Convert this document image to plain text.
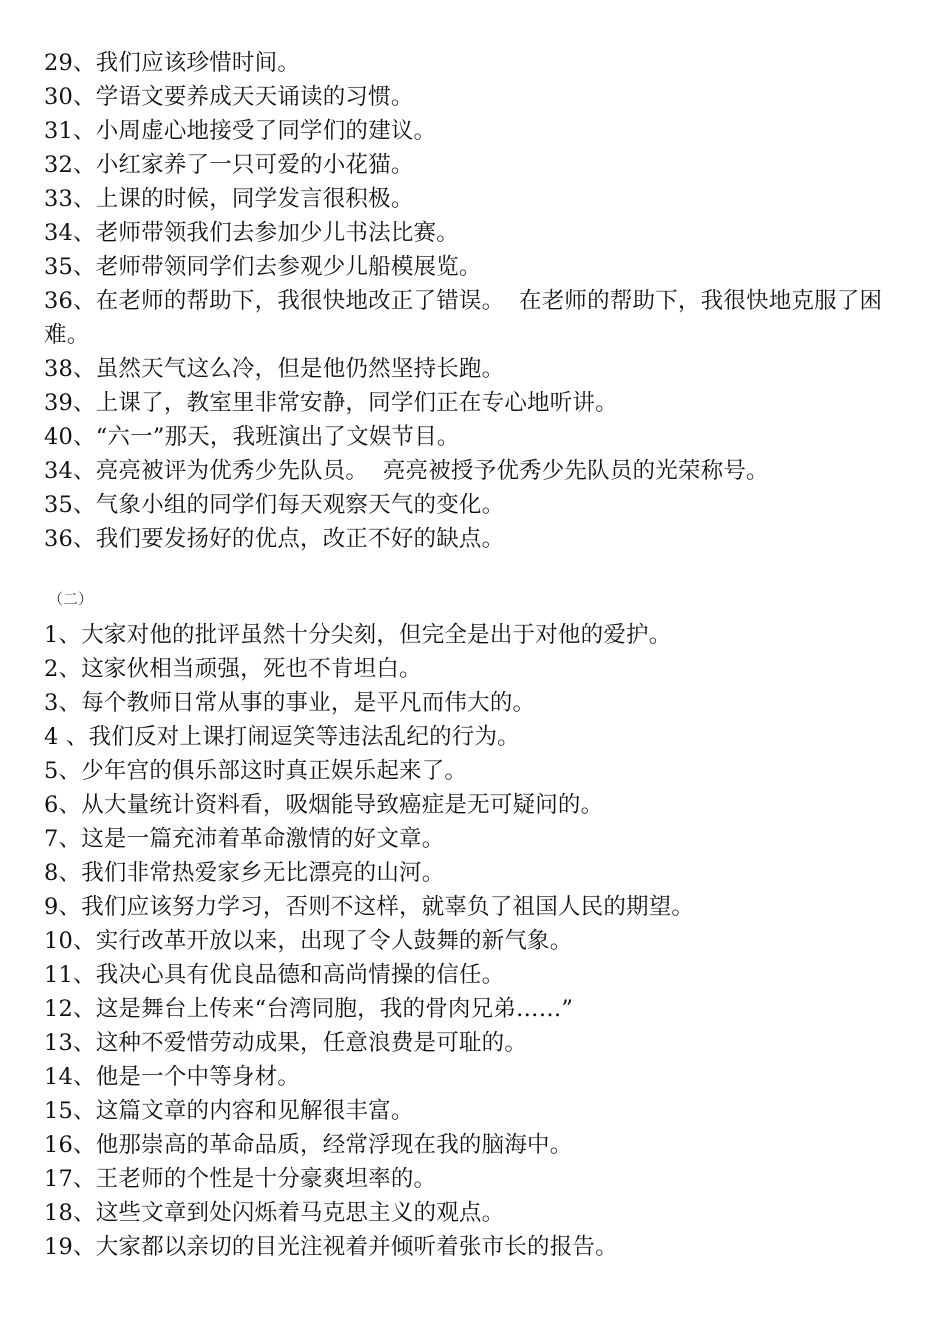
29、我们应该珍惜时间。
30、学语文要养成天天诵读的习惯。
31、小周虚心地接受了同学们的建议。
32、小红家养了一只可爱的小花猫。
33、上课的时候，同学发言很积极。
34、老师带领我们去参加少儿书法比赛。
35、老师带领同学们去参观少儿船模展览。
36、在老师的帮助下，我很快地改正了错误。  在老师的帮助下，我很快地克服了困难。
38、虽然天气这么冷，但是他仍然坚持长跑。
39、上课了，教室里非常安静，同学们正在专心地听讲。
40、“六一”那天，我班演出了文娱节目。
34、亮亮被评为优秀少先队员。  亮亮被授予优秀少先队员的光荣称号。
35、气象小组的同学们每天观察天气的变化。
36、我们要发扬好的优点，改正不好的缺点。
（二）
1、大家对他的批评虽然十分尖刻，但完全是出于对他的爱护。
2、这家伙相当顽强，死也不肯坦白。
3、每个教师日常从事的事业，是平凡而伟大的。
4 、我们反对上课打闹逗笑等违法乱纪的行为。
5、少年宫的俱乐部这时真正娱乐起来了。
6、从大量统计资料看，吸烟能导致癌症是无可疑问的。
7、这是一篇充沛着革命激情的好文章。
8、我们非常热爱家乡无比漂亮的山河。
9、我们应该努力学习，否则不这样，就辜负了祖国人民的期望。
10、实行改革开放以来，出现了令人鼓舞的新气象。
11、我决心具有优良品德和高尚情操的信任。
12、这是舞台上传来“台湾同胞，我的骨肉兄弟……”
13、这种不爱惜劳动成果，任意浪费是可耻的。
14、他是一个中等身材。
15、这篇文章的内容和见解很丰富。
16、他那崇高的革命品质，经常浮现在我的脑海中。
17、王老师的个性是十分豪爽坦率的。
18、这些文章到处闪烁着马克思主义的观点。
19、大家都以亲切的目光注视着并倾听着张市长的报告。
